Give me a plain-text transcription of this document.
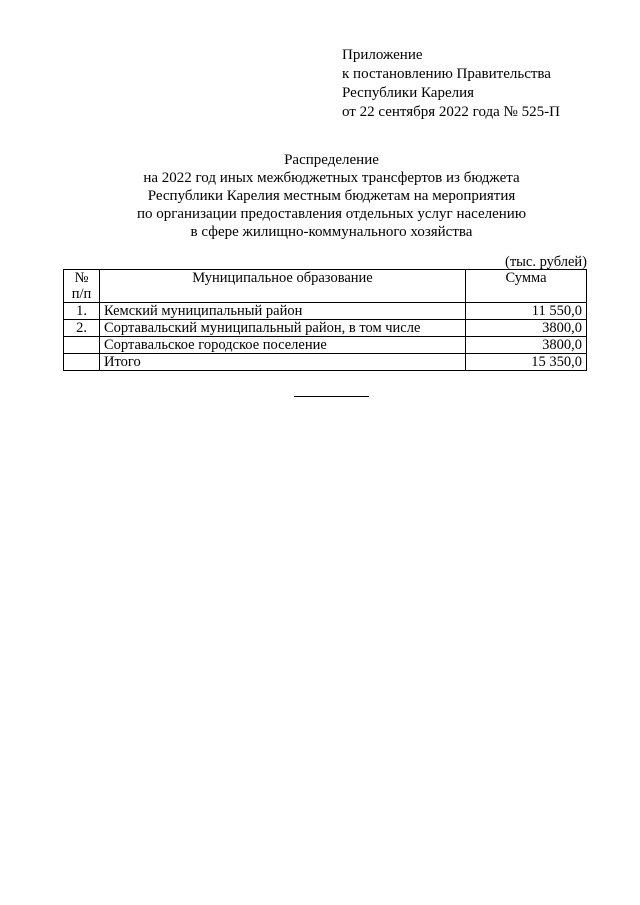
Приложение
к постановлению Правительства
Республики Карелия
от 22 сентября 2022 года № 525-П
Распределение
на 2022 год иных межбюджетных трансфертов из бюджета
Республики Карелия местным бюджетам на мероприятия
по организации предоставления отдельных услуг населению
в сфере жилищно-коммунального хозяйства
(тыс. рублей)
№
п/п	Муниципальное образование	Сумма
1.	Кемский муниципальный район	11 550,0
2.	Сортавальский муниципальный район, в том числе	3800,0
	Сортавальское городское поселение	3800,0
	Итого	15 350,0
